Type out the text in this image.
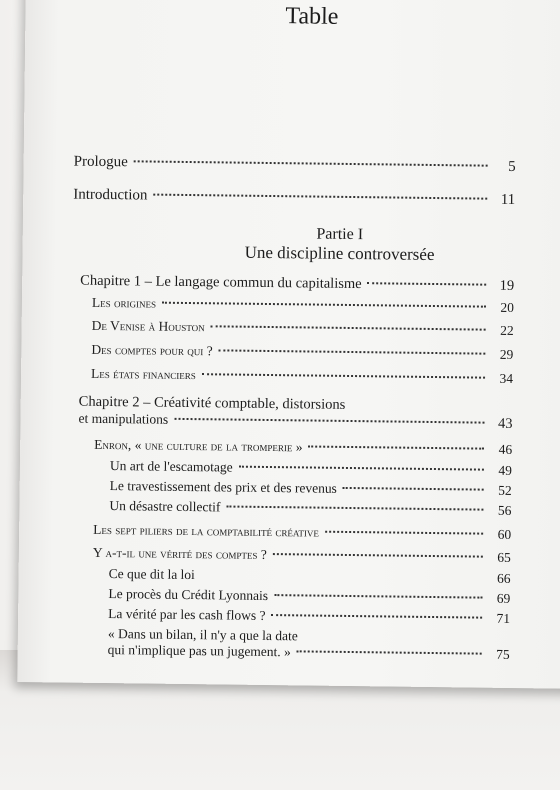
Table
Prologue	5
Introduction	11
Partie I
Une discipline controversée
Chapitre 1 – Le langage commun du capitalisme	19
Les origines	20
De Venise à Houston	22
Des comptes pour qui ?	29
Les états financiers	34
Chapitre 2 – Créativité comptable, distorsions
et manipulations	43
Enron, « une culture de la tromperie »	46
Un art de l'escamotage	49
Le travestissement des prix et des revenus	52
Un désastre collectif	56
Les sept piliers de la comptabilité créative	60
Y a-t-il une vérité des comptes ?	65
Ce que dit la loi	66
Le procès du Crédit Lyonnais	69
La vérité par les cash flows ?	71
« Dans un bilan, il n'y a que la date
qui n'implique pas un jugement. »	75
